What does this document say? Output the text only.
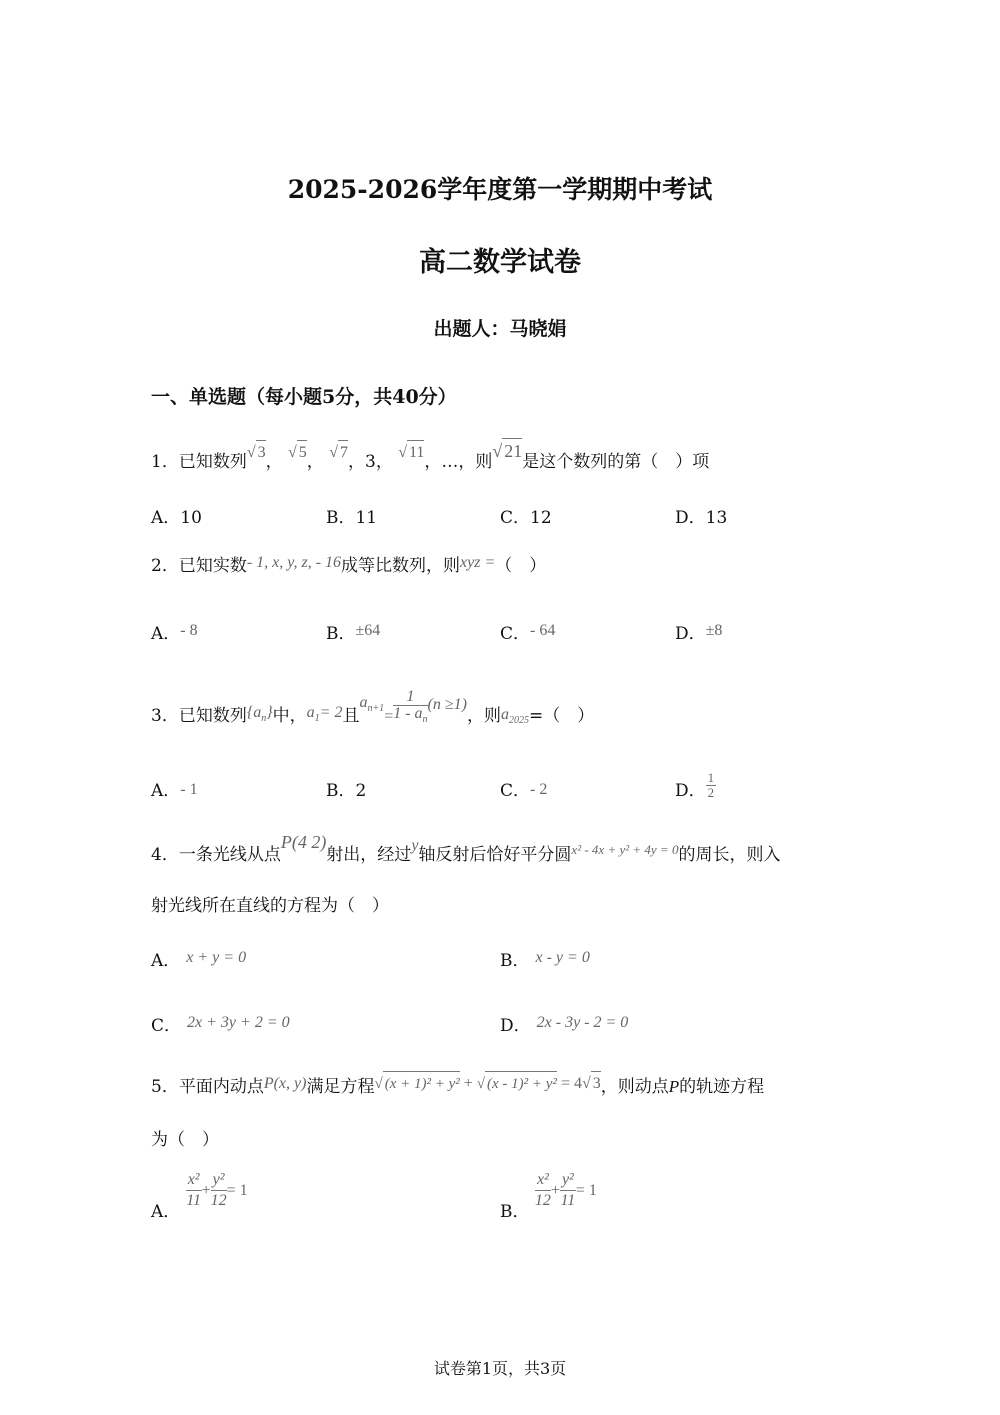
2025-2026学年度第一学期期中考试
高二数学试卷
出题人：马晓娟
一、单选题（每小题5分，共40分）
1．已知数列√ 3， √ 5， √ 7，3， √ 11，…，则√ 21是这个数列的第（　）项
A．10	B．11	C．12	D．13
2．已知实数- 1, x, y, z, - 16成等比数列，则xyz =（　）
A．- 8	B．±64	C．- 64	D．±8
3．已知数列$\{a_n\}$中，$a_1= 2$且$a_{n+1}= \frac{1}{1 - a_n} (n \ge 1)$，则$a_{2025}=$（　）
A．- 1	B．2	C．- 2	D． $\frac{1}{2}$
4．一条光线从点P(4 2)射出，经过y轴反射后恰好平分圆$^{x^2 - 4x + y^2 + 4y = 0}$的周长，则入
射光线所在直线的方程为（　）
A． x + y = 0	B． x - y = 0
C． 2x + 3y + 2 = 0	D． 2x - 3y - 2 = 0
5．平面内动点P(x, y)满足方程√ (x + 1)² + y² + √ (x - 1)² + y² = 4√ 3，则动点P的轨迹方程
为（　）
A．
$\frac{\text{x²}}{11} + \frac{\text{y²}}{12} = 1$
B．
$\frac{\text{x²}}{12} + \frac{\text{y²}}{11} = 1$
试卷第1页，共3页
